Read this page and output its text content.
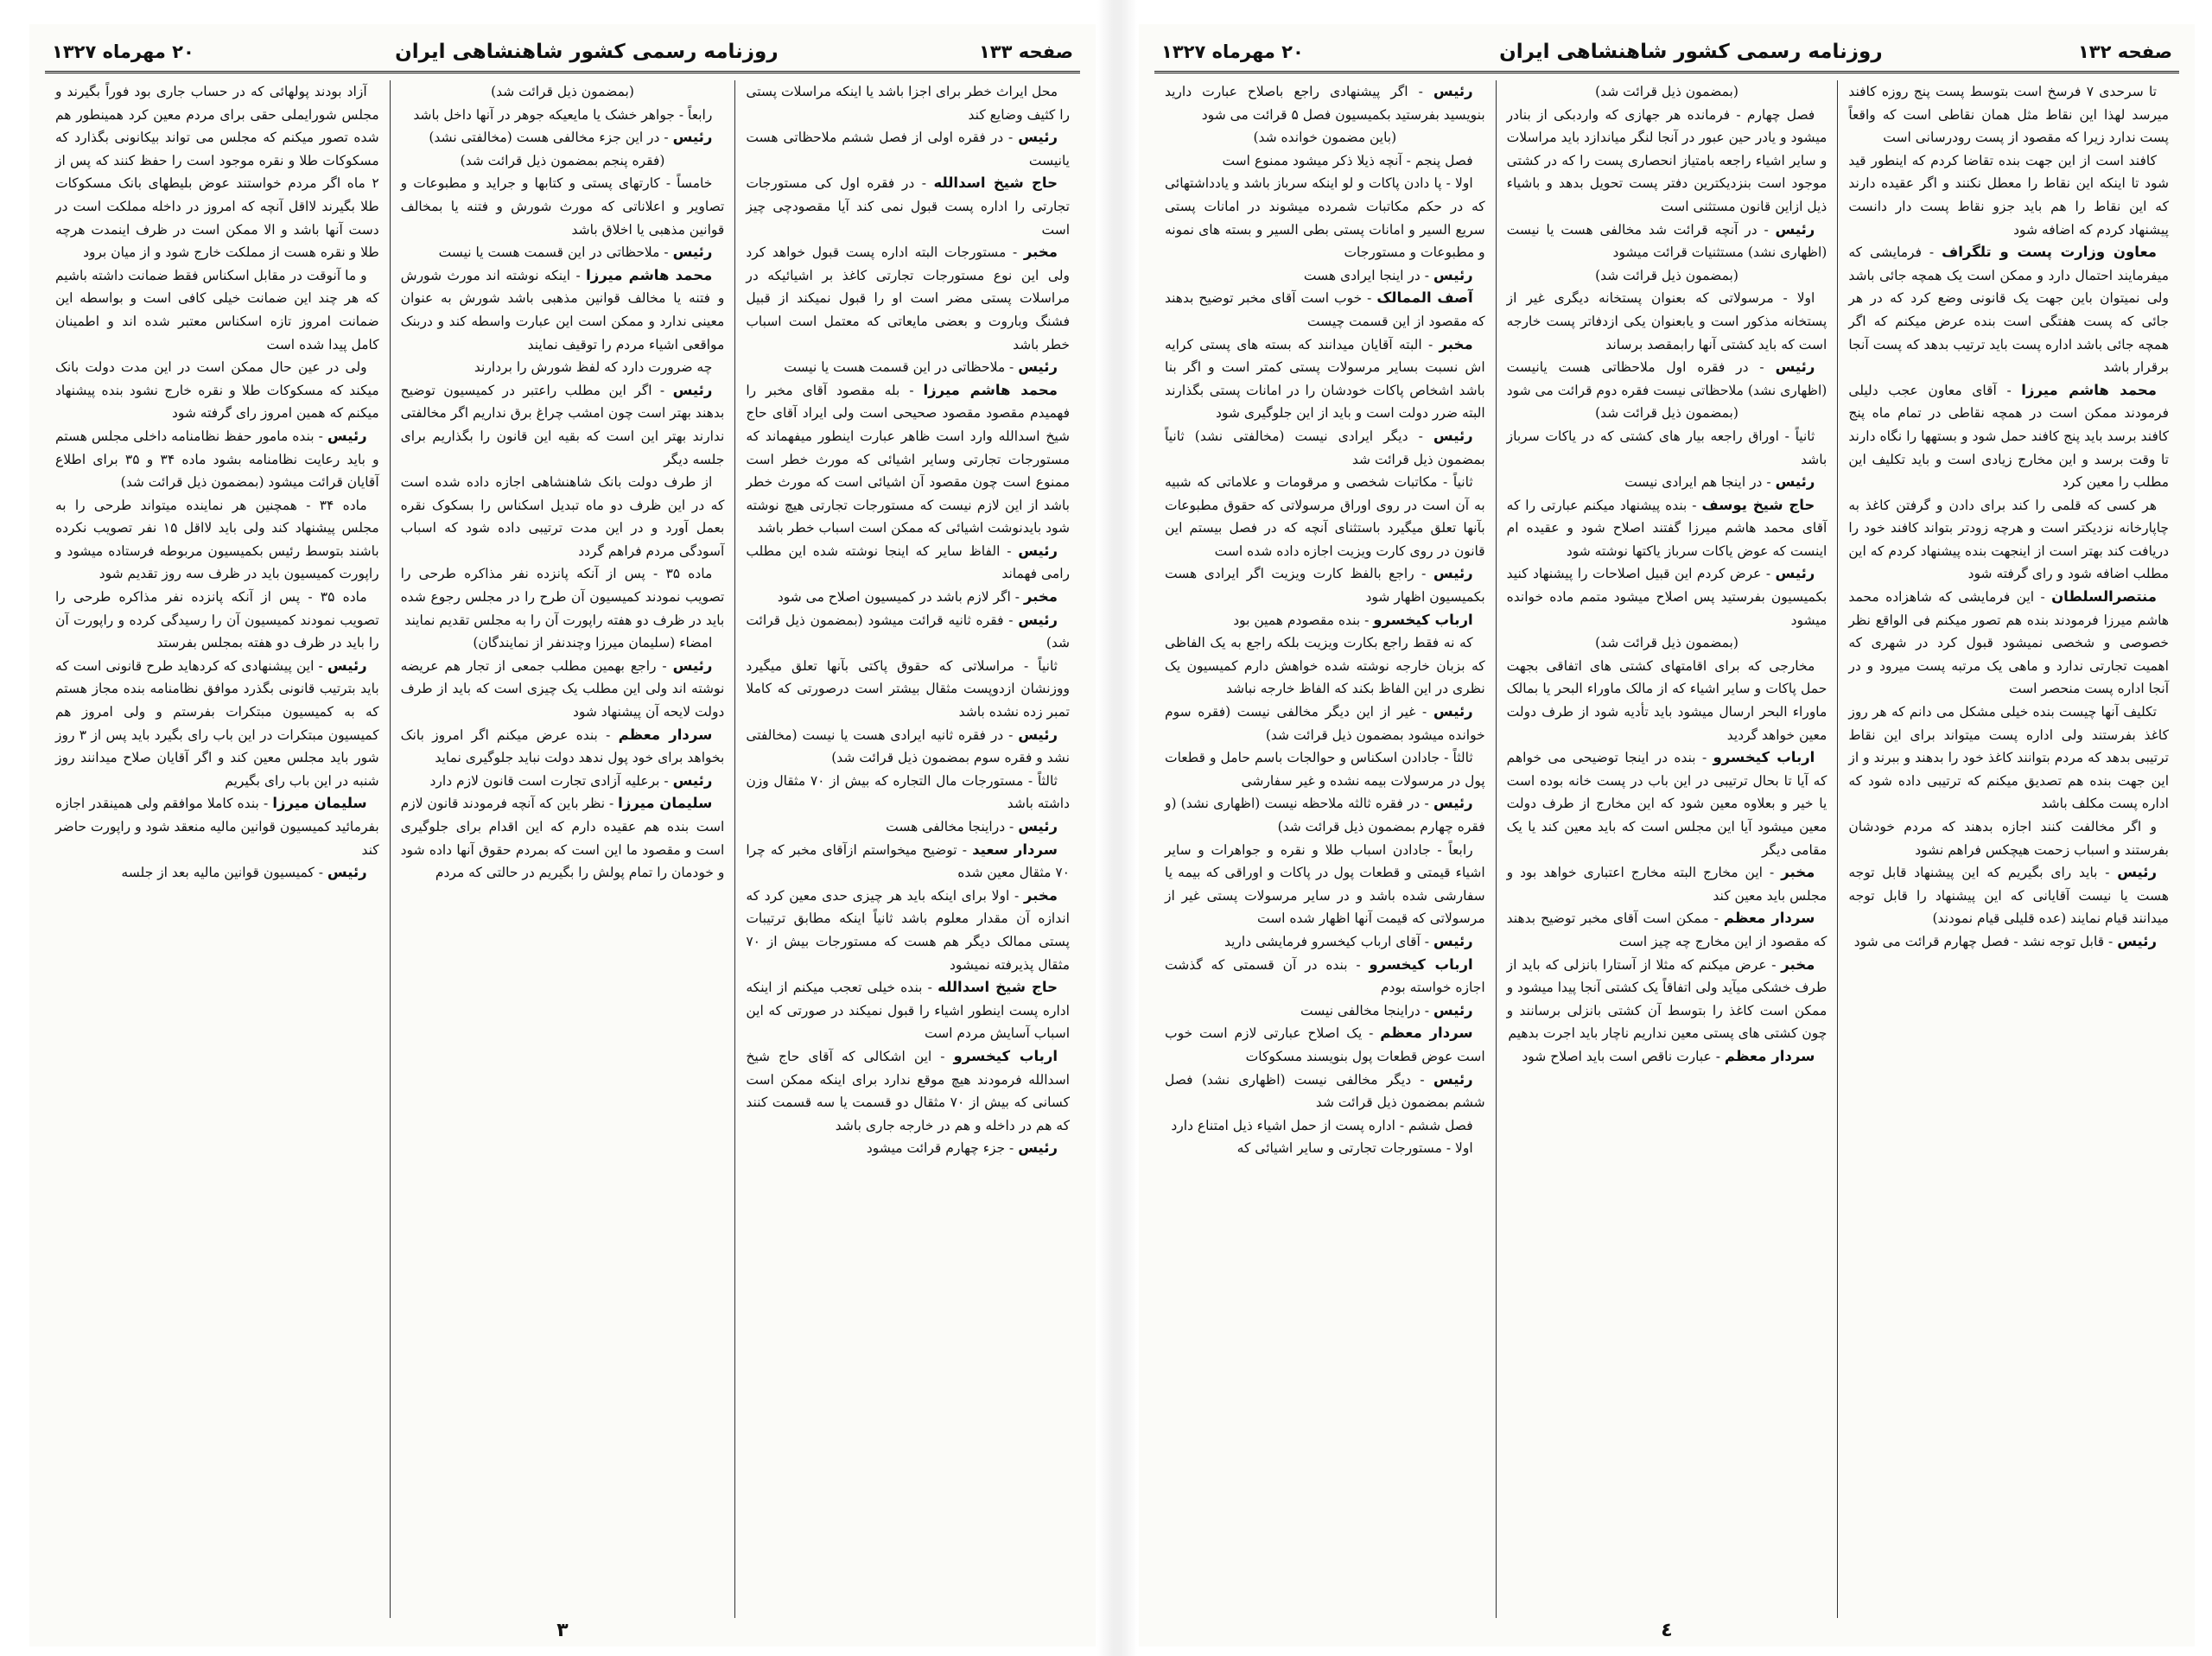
صفحه ۱۳۳
روزنامه رسمی کشور شاهنشاهی ایران
۲۰ مهرماه ۱۳۲۷

محل ایراث خطر برای اجزا باشد یا اینکه مراسلات پستی را کثیف وضایع کند

رئیس - در فقره اولی از فصل ششم ملاحظاتی هست یانیست

حاج شیخ اسدالله - در فقره اول کی مستورجات تجارتی را اداره پست قبول نمی کند آیا مقصودچی چیز است

مخبر - مستورجات البته اداره پست قبول خواهد کرد ولی این نوع مستورجات تجارتی کاغذ بر اشیائیکه در مراسلات پستی مضر است او را قبول نمیکند از قبیل فشنگ وباروت و بعضی مایعاتی که معتمل است اسباب خطر باشد

رئیس - ملاحظاتی در این قسمت هست یا نیست

محمد هاشم میرزا - بله مقصود آقای مخبر را فهمیدم مقصود مقصود صحیحی است ولی ایراد آقای حاج شیخ اسدالله وارد است ظاهر عبارت اینطور میفهماند که مستورجات تجارتی وسایر اشیائی که مورث خطر است ممنوع است چون مقصود آن اشیائی است که مورث خطر باشد از این لازم نیست که مستورجات تجارتی هیچ نوشته شود بایدنوشت اشیائی که ممکن است اسباب خطر باشد

رئیس - الفاظ سایر که اینجا نوشته شده این مطلب رامی فهماند

مخبر - اگر لازم باشد در کمیسیون اصلاح می شود

رئیس - فقره ثانیه قرائت میشود (بمضمون ذیل قرائت شد)

ثانیاً - مراسلاتی که حقوق پاکتی بآنها تعلق میگیرد ووزنشان ازدوپست مثقال بیشتر است درصورتی که کاملا تمبر زده نشده باشد

رئیس - در فقره ثانیه ایرادی هست یا نیست (مخالفتی نشد و فقره سوم بمضمون ذیل قرائت شد)

ثالثاً - مستورجات مال التجاره که بیش از ۷۰ مثقال وزن داشته باشد

رئیس - دراینجا مخالفی هست

سردار سعید - توضیح میخواستم ازآقای مخبر که چرا ۷۰ مثقال معین شده

مخبر - اولا برای اینکه باید هر چیزی حدی معین کرد که اندازه آن مقدار معلوم باشد ثانیاً اینکه مطابق ترتیبات پستی ممالک دیگر هم هست که مستورجات بیش از ۷۰ مثقال پذیرفته نمیشود

حاج شیخ اسدالله - بنده خیلی تعجب میکنم از اینکه اداره پست اینطور اشیاء را قبول نمیکند در صورتی که این اسباب آسایش مردم است

ارباب کیخسرو - این اشکالی که آقای حاج شیخ اسدالله فرمودند هیچ موقع ندارد برای اینکه ممکن است کسانی که بیش از ۷۰ مثقال دو قسمت یا سه قسمت کنند که هم در داخله و هم در خارجه جاری باشد

رئیس - جزء چهارم قرائت میشود

(بمضمون ذیل قرائت شد)

رابعاً - جواهر خشک یا مایعیکه جوهر در آنها داخل باشد

رئیس - در این جزء مخالفی هست (مخالفتی نشد)

(فقره پنجم بمضمون ذیل قرائت شد)

خامساً - کارتهای پستی و کتابها و جراید و مطبوعات و تصاویر و اعلاناتی که مورث شورش و فتنه یا بمخالف قوانین مذهبی یا اخلاق باشد

رئیس - ملاحظاتی در این قسمت هست یا نیست

محمد هاشم میرزا - اینکه نوشته اند مورث شورش و فتنه یا مخالف قوانین مذهبی باشد شورش به عنوان معینی ندارد و ممکن است این عبارت واسطه کند و دربنک مواقعی اشیاء مردم را توقیف نمایند

چه ضرورت دارد که لفظ شورش را بردارند

رئیس - اگر این مطلب راعتبر در کمیسیون توضیح بدهند بهتر است چون امشب چراغ برق نداریم اگر مخالفتی ندارند بهتر این است که بقیه این قانون را بگذاریم برای جلسه دیگر

از طرف دولت بانک شاهنشاهی اجازه داده شده است که در این ظرف دو ماه تبدیل اسکناس را بسکوک نقره بعمل آورد و در این مدت ترتیبی داده شود که اسباب آسودگی مردم فراهم گردد

ماده ۳۵ - پس از آنکه پانزده نفر مذاکره طرحی را تصویب نمودند کمیسیون آن طرح را در مجلس رجوع شده باید در ظرف دو هفته راپورت آن را به مجلس تقدیم نمایند

امضاء (سلیمان میرزا وچندنفر از نمایندگان)

رئیس - راجع بهمین مطلب جمعی از تجار هم عریضه نوشته اند ولی این مطلب یک چیزی است که باید از طرف دولت لایحه آن پیشنهاد شود

سردار معظم - بنده عرض میکنم اگر امروز بانک بخواهد برای خود پول ندهد دولت نباید جلوگیری نماید

رئیس - برعلیه آزادی تجارت است قانون لازم دارد

سلیمان میرزا - نظر باین که آنچه فرمودند قانون لازم است بنده هم عقیده دارم که این اقدام برای جلوگیری است و مقصود ما این است که بمردم حقوق آنها داده شود و خودمان را تمام پولش را بگیریم در حالتی که مردم

آزاد بودند پولهائی که در حساب جاری بود فوراً بگیرند و مجلس شورایملی حقی برای مردم معین کرد همینطور هم شده تصور میکنم که مجلس می تواند بیکانونی بگذارد که مسکوکات طلا و نقره موجود است را حفظ کنند که پس از ۲ ماه اگر مردم خواستند عوض بلیطهای بانک مسکوکات طلا بگیرند لااقل آنچه که امروز در داخله مملکت است در دست آنها باشد و الا ممکن است در ظرف اینمدت هرچه طلا و نقره هست از مملکت خارج شود و از میان برود

و ما آنوقت در مقابل اسکناس فقط ضمانت داشته باشیم که هر چند این ضمانت خیلی کافی است و بواسطه این ضمانت امروز تازه اسکناس معتبر شده اند و اطمینان کامل پیدا شده است

ولی در عین حال ممکن است در این مدت دولت بانک میکند که مسکوکات طلا و نقره خارج نشود بنده پیشنهاد میکنم که همین امروز رای گرفته شود

رئیس - بنده مامور حفظ نظامنامه داخلی مجلس هستم و باید رعایت نظامنامه بشود ماده ۳۴ و ۳۵ برای اطلاع آقایان قرائت میشود (بمضمون ذیل قرائت شد)

ماده ۳۴ - همچنین هر نماینده میتواند طرحی را به مجلس پیشنهاد کند ولی باید لااقل ۱۵ نفر تصویب نکرده باشند بتوسط رئیس بکمیسیون مربوطه فرستاده میشود و راپورت کمیسیون باید در ظرف سه روز تقدیم شود

ماده ۳۵ - پس از آنکه پانزده نفر مذاکره طرحی را تصویب نمودند کمیسیون آن را رسیدگی کرده و راپورت آن را باید در ظرف دو هفته بمجلس بفرستد

رئیس - این پیشنهادی که کردهاید طرح قانونی است که باید بترتیب قانونی بگذرد موافق نظامنامه بنده مجاز هستم که به کمیسیون مبتکرات بفرستم و ولی امروز هم کمیسیون مبتکرات در این باب رای بگیرد باید پس از ۳ روز شور باید مجلس معین کند و اگر آقایان صلاح میدانند روز شنبه در این باب رای بگیریم

سلیمان میرزا - بنده کاملا موافقم ولی همینقدر اجازه بفرمائید کمیسیون قوانین مالیه منعقد شود و راپورت حاضر کند

رئیس - کمیسیون قوانین مالیه بعد از جلسه

٣
صفحه ۱۳۲
روزنامه رسمی کشور شاهنشاهی ایران
۲۰ مهرماه ۱۳۲۷

تا سرحدی ۷ فرسخ است بتوسط پست پنج روزه کافند میرسد لهذا این نقاط مثل همان نقاطی است که واقعاً پست ندارد زیرا که مقصود از پست رودرسانی است

کافند است از این جهت بنده تقاضا کردم که اینطور قید شود تا اینکه این نقاط را معطل نکنند و اگر عقیده دارند که این نقاط را هم باید جزو نقاط پست دار دانست پیشنهاد کردم که اضافه شود

معاون وزارت پست و تلگراف - فرمایشی که میفرمایند احتمال دارد و ممکن است یک همچه جائی باشد ولی نمیتوان باین جهت یک قانونی وضع کرد که در هر جائی که پست هفتگی است بنده عرض میکنم که اگر همچه جائی باشد اداره پست باید ترتیب بدهد که پست آنجا برقرار باشد

محمد هاشم میرزا - آقای معاون عجب دلیلی فرمودند ممکن است در همچه نقاطی در تمام ماه پنج کافند برسد باید پنج کافند حمل شود و بستهها را نگاه دارند تا وقت برسد و این مخارج زیادی است و باید تکلیف این مطلب را معین کرد

هر کسی که قلمی را کند برای دادن و گرفتن کاغذ به چاپارخانه نزدیکتر است و هرچه زودتر بتواند کافند خود را دریافت کند بهتر است از اینجهت بنده پیشنهاد کردم که این مطلب اضافه شود و رای گرفته شود

منتصرالسلطان - این فرمایشی که شاهزاده محمد هاشم میرزا فرمودند بنده هم تصور میکنم فی الواقع نظر خصوصی و شخصی نمیشود قبول کرد در شهری که اهمیت تجارتی ندارد و ماهی یک مرتبه پست میرود و در آنجا اداره پست منحصر است

تکلیف آنها چیست بنده خیلی مشکل می دانم که هر روز کاغذ بفرستند ولی اداره پست میتواند برای این نقاط ترتیبی بدهد که مردم بتوانند کاغذ خود را بدهند و ببرند و از این جهت بنده هم تصدیق میکنم که ترتیبی داده شود که اداره پست مکلف باشد

و اگر مخالفت کنند اجازه بدهند که مردم خودشان بفرستند و اسباب زحمت هیچکس فراهم نشود

رئیس - باید رای بگیریم که این پیشنهاد قابل توجه هست یا نیست آقایانی که این پیشنهاد را قابل توجه میدانند قیام نمایند (عده قلیلی قیام نمودند)

رئیس - قابل توجه نشد - فصل چهارم قرائت می شود

(بمضمون ذیل قرائت شد)

فصل چهارم - فرمانده هر جهازی که واردبکی از بنادر میشود و یادر حین عبور در آنجا لنگر میاندازد باید مراسلات و سایر اشیاء راجعه بامتیاز انحصاری پست را که در کشتی موجود است بنزدیکترین دفتر پست تحویل بدهد و باشیاء ذیل ازاین قانون مستثنی است

رئیس - در آنچه قرائت شد مخالفی هست یا نیست (اظهاری نشد) مستثنیات قرائت میشود

(بمضمون ذیل قرائت شد)

اولا - مرسولاتی که بعنوان پستخانه دیگری غیر از پستخانه مذکور است و یابعنوان یکی ازدفاتر پست خارجه است که باید کشتی آنها رابمقصد برساند

رئیس - در فقره اول ملاحظاتی هست یانیست (اظهاری نشد) ملاحظاتی نیست فقره دوم قرائت می شود

(بمضمون ذیل قرائت شد)

ثانیاً - اوراق راجعه بیار های کشتی که در یاکات سرباز باشد

رئیس - در اینجا هم ایرادی نیست

حاج شیخ یوسف - بنده پیشنهاد میکنم عبارتی را که آقای محمد هاشم میرزا گفتند اصلاح شود و عقیده ام اینست که عوض یاکات سرباز یاکتها نوشته شود

رئیس - عرض کردم این قبیل اصلاحات را پیشنهاد کنید بکمیسیون بفرستید پس اصلاح میشود متمم ماده خوانده میشود

(بمضمون ذیل قرائت شد)

مخارجی که برای اقامتهای کشتی های اتفاقی بجهت حمل پاکات و سایر اشیاء که از مالک ماوراء البحر یا بمالک ماوراء البحر ارسال میشود باید تأدیه شود از طرف دولت معین خواهد گردید

ارباب کیخسرو - بنده در اینجا توضیحی می خواهم که آیا تا بحال ترتیبی در این باب در پست خانه بوده است یا خیر و بعلاوه معین شود که این مخارج از طرف دولت معین میشود آیا این مجلس است که باید معین کند یا یک مقامی دیگر

مخبر - این مخارج البته مخارج اعتباری خواهد بود و مجلس باید معین کند

سردار معظم - ممکن است آقای مخبر توضیح بدهند که مقصود از این مخارج چه چیز است

مخبر - عرض میکنم که مثلا از آستارا بانزلی که باید از طرف خشکی میآید ولی اتفاقاً یک کشتی آنجا پیدا میشود و ممکن است کاغذ را بتوسط آن کشتی بانزلی برسانند و چون کشتی های پستی معین نداریم ناچار باید اجرت بدهیم

سردار معظم - عبارت ناقص است باید اصلاح شود

رئیس - اگر پیشنهادی راجع باصلاح عبارت دارید بنویسید بفرستید بکمیسیون فصل ۵ قرائت می شود

(باین مضمون خوانده شد)

فصل پنجم - آنچه ذیلا ذکر میشود ممنوع است

اولا - پا دادن پاکات و لو اینکه سرباز باشد و یادداشتهائی که در حکم مکاتبات شمرده میشوند در امانات پستی سریع السیر و امانات پستی بطی السیر و بسته های نمونه و مطبوعات و مستورجات

رئیس - در اینجا ایرادی هست

آصف الممالک - خوب است آقای مخبر توضیح بدهند که مقصود از این قسمت چیست

مخبر - البته آقایان میدانند که بسته های پستی کرایه اش نسبت بسایر مرسولات پستی کمتر است و اگر بنا باشد اشخاص پاکات خودشان را در امانات پستی بگذارند البته ضرر دولت است و باید از این جلوگیری شود

رئیس - دیگر ایرادی نیست (مخالفتی نشد) ثانیاً بمضمون ذیل قرائت شد

ثانیاً - مکاتبات شخصی و مرقومات و علاماتی که شبیه به آن است در روی اوراق مرسولاتی که حقوق مطبوعات بآنها تعلق میگیرد باستثنای آنچه که در فصل بیستم این قانون در روی کارت ویزیت اجازه داده شده است

رئیس - راجع بالفظ کارت ویزیت اگر ایرادی هست بکمیسیون اظهار شود

ارباب کیخسرو - بنده مقصودم همین بود

که نه فقط راجع بکارت ویزیت بلکه راجع به یک الفاظی که بزبان خارجه نوشته شده خواهش دارم کمیسیون یک نظری در این الفاظ بکند که الفاظ خارجه نباشد

رئیس - غیر از این دیگر مخالفی نیست (فقره سوم خوانده میشود بمضمون ذیل قرائت شد)

ثالثاً - جادادن اسکناس و حوالجات باسم حامل و قطعات پول در مرسولات بیمه نشده و غیر سفارشی

رئیس - در فقره ثالثه ملاحظه نیست (اظهاری نشد) (و فقره چهارم بمضمون ذیل قرائت شد)

رابعاً - جادادن اسباب طلا و نقره و جواهرات و سایر اشیاء قیمتی و قطعات پول در پاکات و اوراقی که بیمه یا سفارشی شده باشد و در سایر مرسولات پستی غیر از مرسولاتی که قیمت آنها اظهار شده است

رئیس - آقای ارباب کیخسرو فرمایشی دارید

ارباب کیخسرو - بنده در آن قسمتی که گذشت اجازه خواسته بودم

رئیس - دراینجا مخالفی نیست

سردار معظم - یک اصلاح عبارتی لازم است خوب است عوض قطعات پول بنویسند مسکوکات

رئیس - دیگر مخالفی نیست (اظهاری نشد) فصل ششم بمضمون ذیل قرائت شد

فصل ششم - اداره پست از حمل اشیاء ذیل امتناع دارد

اولا - مستورجات تجارتی و سایر اشیائی که

٤
